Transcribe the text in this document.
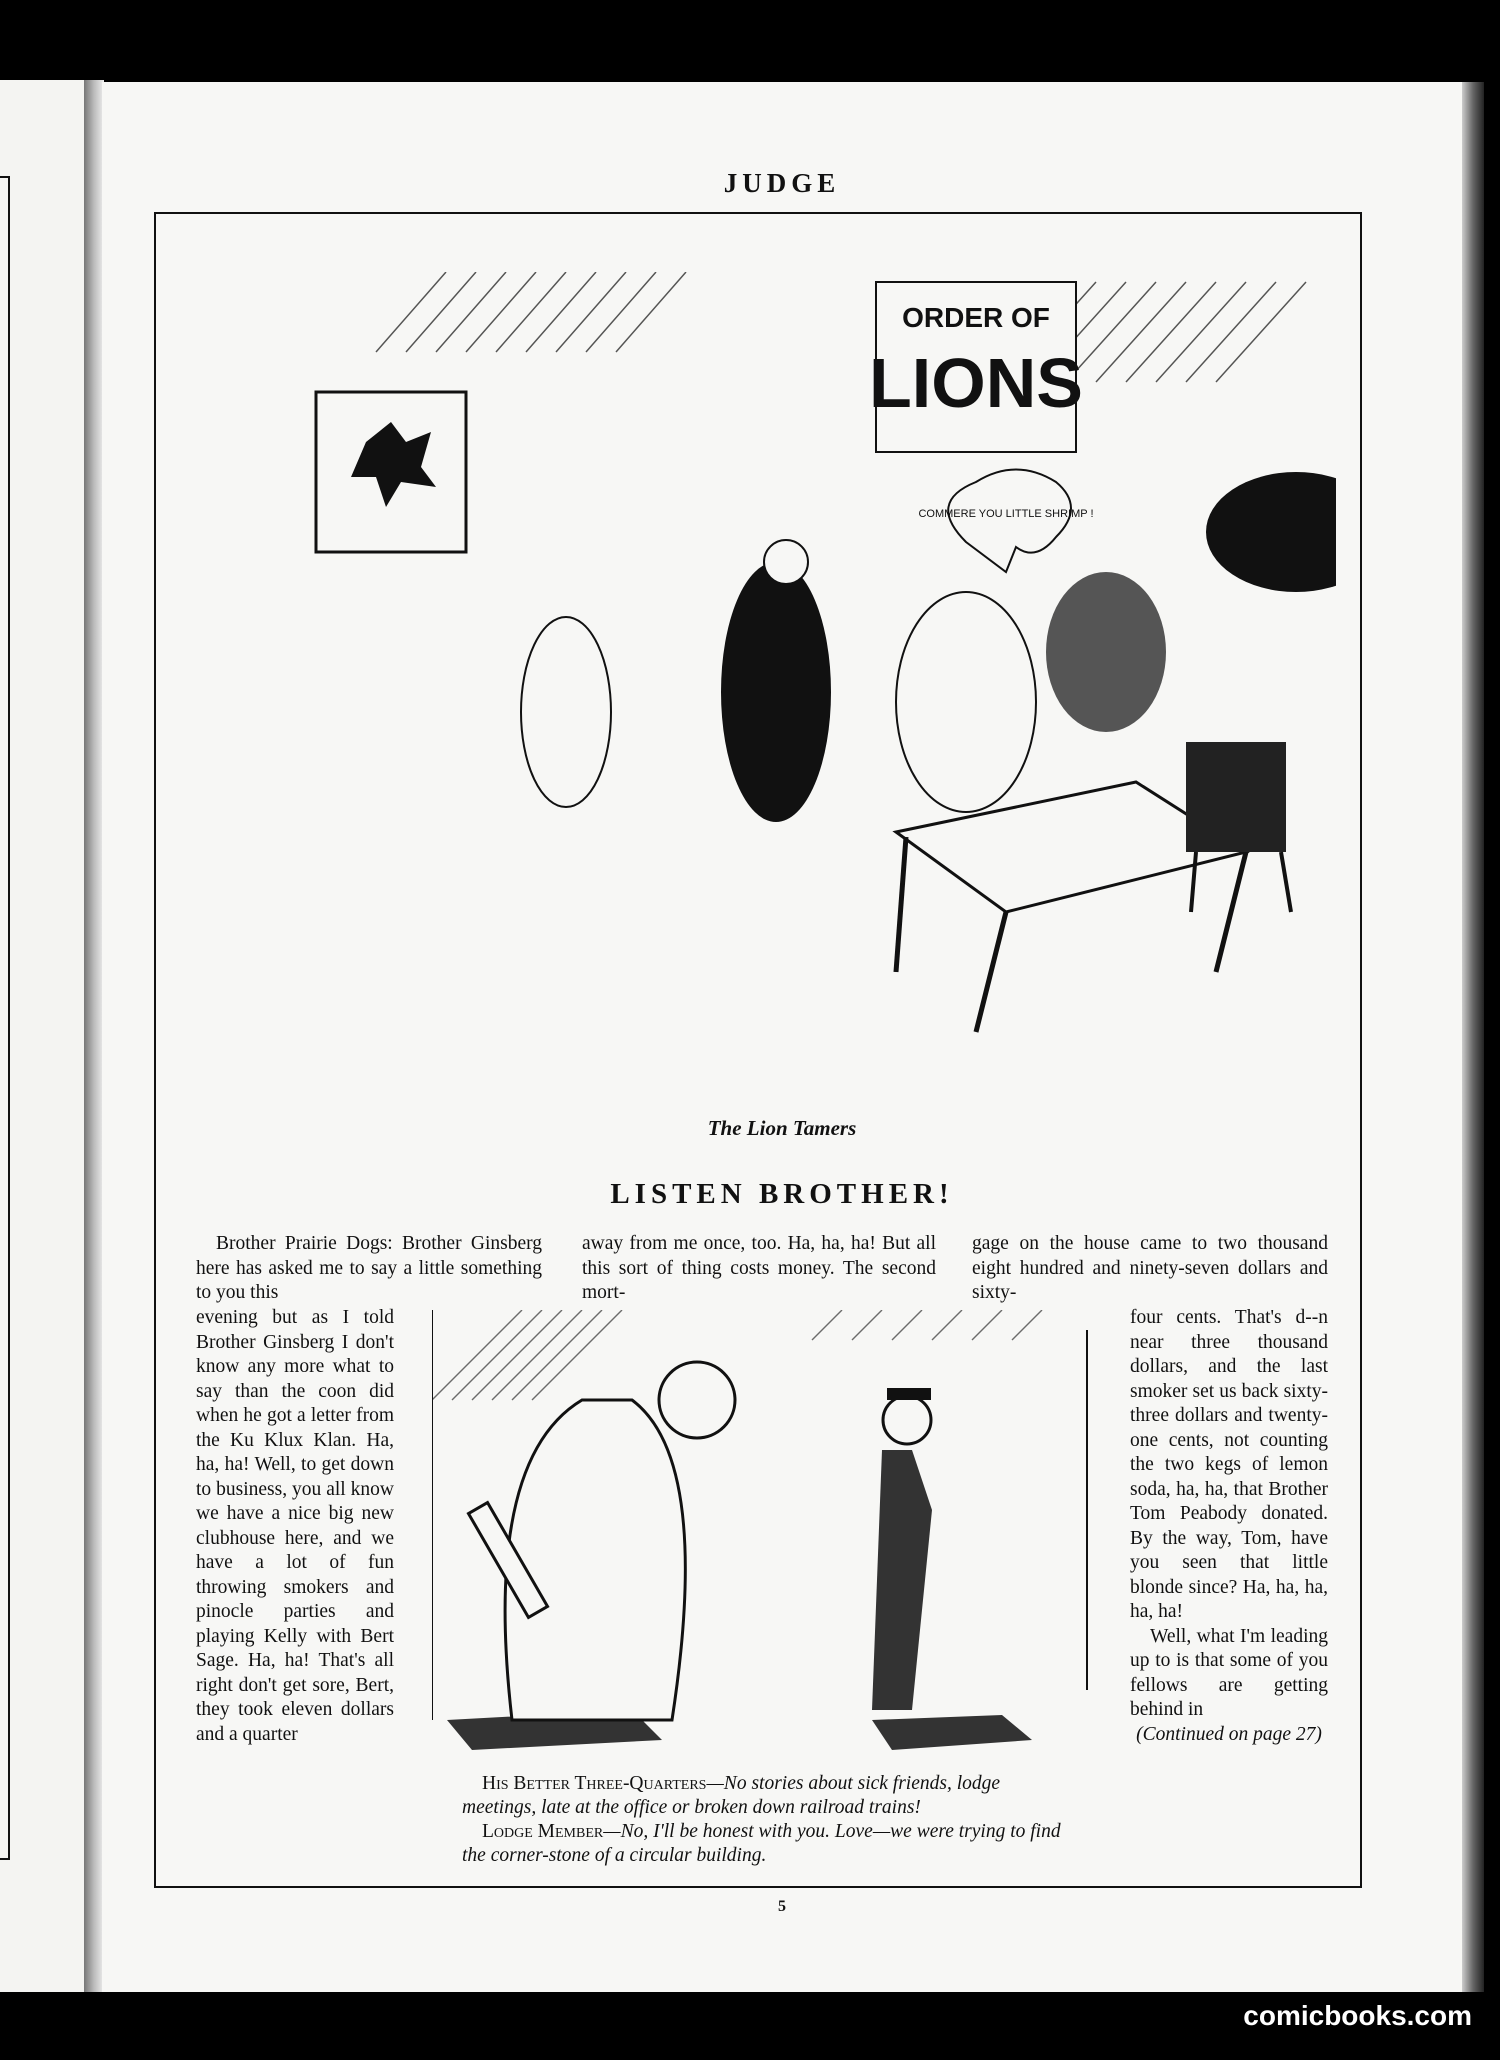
JUDGE
ORDER OF
LIONS
COMMERE YOU LITTLE SHRIMP !
The Lion Tamers
LISTEN BROTHER!

Brother Prairie Dogs: Brother Ginsberg here has asked me to say a little something to you this

evening but as I told Brother Ginsberg I don't know any more what to say than the coon did when he got a letter from the Ku Klux Klan. Ha, ha, ha! Well, to get down to business, you all know we have a nice big new clubhouse here, and we have a lot of fun throwing smokers and pinocle parties and playing Kelly with Bert Sage. Ha, ha! That's all right don't get sore, Bert, they took eleven dollars and a quarter

away from me once, too. Ha, ha, ha! But all this sort of thing costs money. The second mort-

gage on the house came to two thousand eight hundred and ninety-seven dollars and sixty-

four cents. That's d--n near three thousand dollars, and the last smoker set us back sixty-three dollars and twenty-one cents, not counting the two kegs of lemon soda, ha, ha, that Brother Tom Peabody donated. By the way, Tom, have you seen that little blonde since? Ha, ha, ha, ha, ha!

Well, what I'm leading up to is that some of you fellows are getting behind in

(Continued on page 27)

His Better Three-Quarters—No stories about sick friends, lodge meetings, late at the office or broken down railroad trains!

Lodge Member—No, I'll be honest with you. Love—we were trying to find the corner-stone of a circular building.

5
comicbooks.com
